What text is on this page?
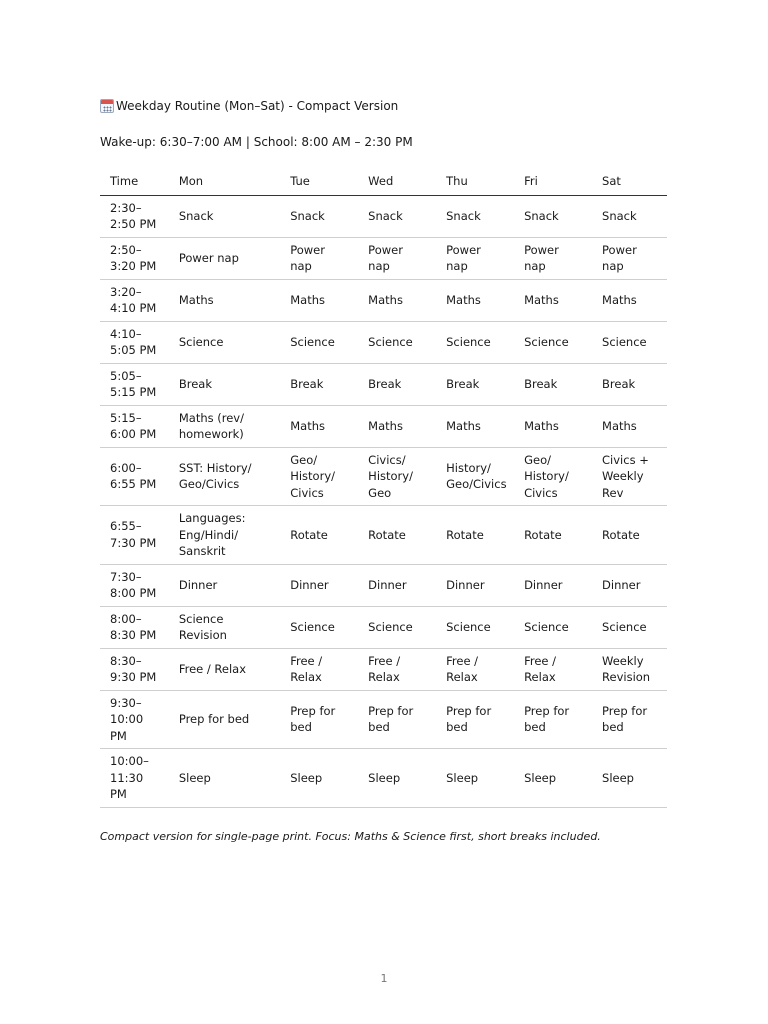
Weekday Routine (Mon–Sat) - Compact Version
Wake-up: 6:30–7:00 AM | School: 8:00 AM – 2:30 PM
Time	Mon	Tue	Wed	Thu	Fri	Sat
2:30–2:50 PM	Snack	Snack	Snack	Snack	Snack	Snack
2:50–3:20 PM	Power nap	Power nap	Power nap	Power nap	Power nap	Power nap
3:20–4:10 PM	Maths	Maths	Maths	Maths	Maths	Maths
4:10–5:05 PM	Science	Science	Science	Science	Science	Science
5:05–5:15 PM	Break	Break	Break	Break	Break	Break
5:15–6:00 PM	Maths (rev/ homework)	Maths	Maths	Maths	Maths	Maths
6:00–6:55 PM	SST: History/ Geo/Civics	Geo/ History/ Civics	Civics/ History/ Geo	History/ Geo/Civics	Geo/ History/ Civics	Civics + Weekly Rev
6:55–7:30 PM	Languages: Eng/Hindi/ Sanskrit	Rotate	Rotate	Rotate	Rotate	Rotate
7:30–8:00 PM	Dinner	Dinner	Dinner	Dinner	Dinner	Dinner
8:00–8:30 PM	Science Revision	Science	Science	Science	Science	Science
8:30–9:30 PM	Free / Relax	Free / Relax	Free / Relax	Free / Relax	Free / Relax	Weekly Revision
9:30–10:00 PM	Prep for bed	Prep for bed	Prep for bed	Prep for bed	Prep for bed	Prep for bed
10:00–11:30 PM	Sleep	Sleep	Sleep	Sleep	Sleep	Sleep
Compact version for single-page print. Focus: Maths & Science first, short breaks included.
1
